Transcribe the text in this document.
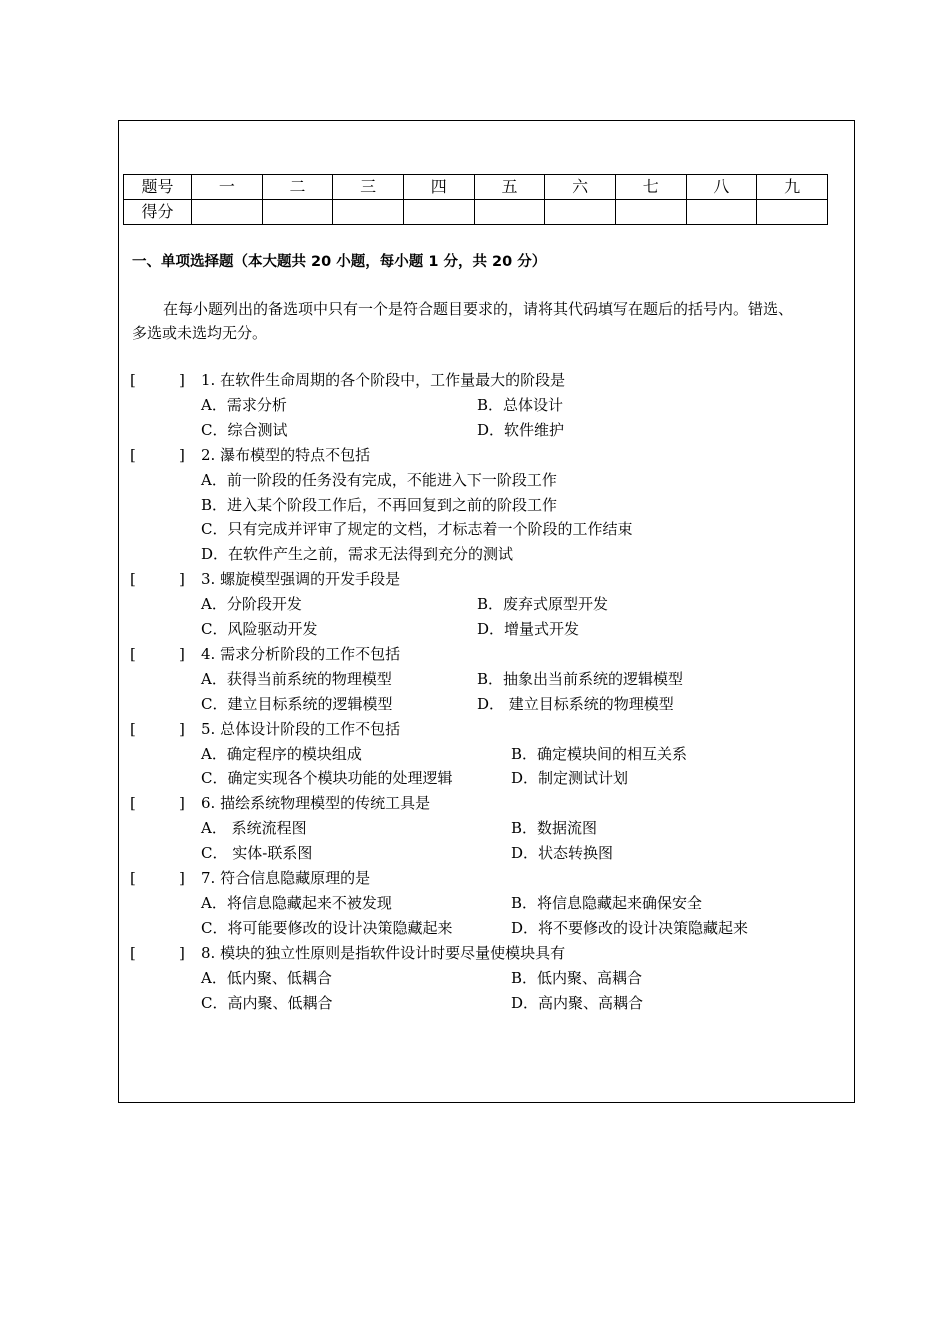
题号	一	二	三	四	五	六	七	八	九
得分									
一、单项选择题（本大题共 20 小题，每小题 1 分，共 20 分）
在每小题列出的备选项中只有一个是符合题目要求的，请将其代码填写在题后的括号内。错选、
多选或未选均无分。
[	] 1. 在软件生命周期的各个阶段中，工作量最大的阶段是
A．需求分析	B．总体设计
C．综合测试	D．软件维护
[	] 2. 瀑布模型的特点不包括
A．前一阶段的任务没有完成，不能进入下一阶段工作
B．进入某个阶段工作后，不再回复到之前的阶段工作
C．只有完成并评审了规定的文档，才标志着一个阶段的工作结束
D．在软件产生之前，需求无法得到充分的测试
[	] 3. 螺旋模型强调的开发手段是
A．分阶段开发	B．废弃式原型开发
C．风险驱动开发	D．增量式开发
[	] 4. 需求分析阶段的工作不包括
A．获得当前系统的物理模型	B．抽象出当前系统的逻辑模型
C．建立目标系统的逻辑模型	D． 建立目标系统的物理模型
[	] 5. 总体设计阶段的工作不包括
A．确定程序的模块组成	B．确定模块间的相互关系
C．确定实现各个模块功能的处理逻辑	D．制定测试计划
[	] 6. 描绘系统物理模型的传统工具是
A． 系统流程图	B．数据流图
C． 实体-联系图	D．状态转换图
[	] 7. 符合信息隐藏原理的是
A．将信息隐藏起来不被发现	B．将信息隐藏起来确保安全
C．将可能要修改的设计决策隐藏起来	D．将不要修改的设计决策隐藏起来
[	] 8. 模块的独立性原则是指软件设计时要尽量使模块具有
A．低内聚、低耦合	B．低内聚、高耦合
C．高内聚、低耦合	D．高内聚、高耦合
